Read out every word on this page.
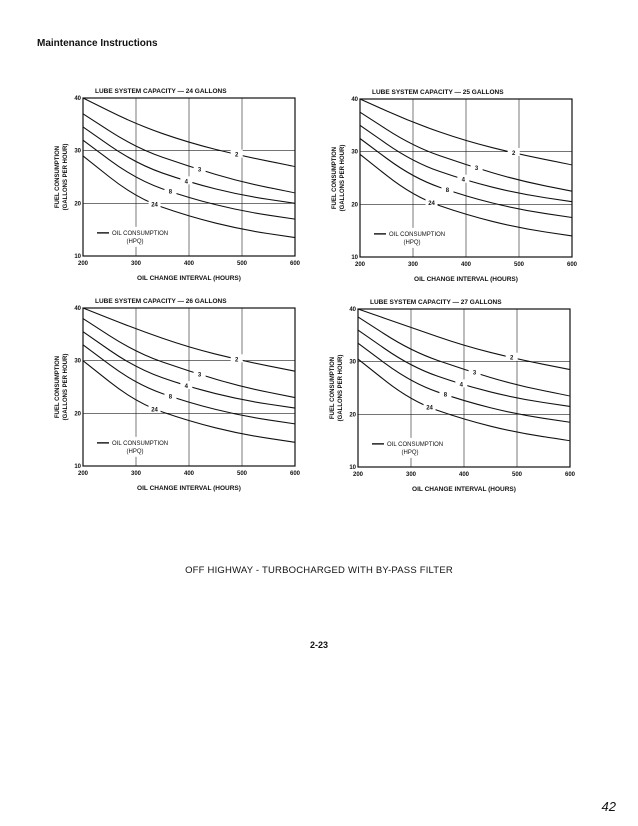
Maintenance Instructions
LUBE SYSTEM CAPACITY — 24 GALLONS
200	300	400	500	600
10
20
30
40
OIL CHANGE INTERVAL (HOURS)
FUEL CONSUMPTION (GALLONS PER HOUR)	2
3
4
8
24
OIL CONSUMPTION
(HPQ)
LUBE SYSTEM CAPACITY — 25 GALLONS
200	300	400	500	600
10
20
30
40
OIL CHANGE INTERVAL (HOURS)
FUEL CONSUMPTION (GALLONS PER HOUR)	2
3
4
8
24
OIL CONSUMPTION
(HPQ)
LUBE SYSTEM CAPACITY — 26 GALLONS
200	300	400	500	600
10
20
30
40
OIL CHANGE INTERVAL (HOURS)
FUEL CONSUMPTION (GALLONS PER HOUR)	2
3
4
8
24
OIL CONSUMPTION
(HPQ)
LUBE SYSTEM CAPACITY — 27 GALLONS
200	300	400	500	600
10
20
30
40
OIL CHANGE INTERVAL (HOURS)
FUEL CONSUMPTION (GALLONS PER HOUR)	2
3
4
8
24
OIL CONSUMPTION
(HPQ)
OFF HIGHWAY - TURBOCHARGED WITH BY-PASS FILTER
2-23
42
